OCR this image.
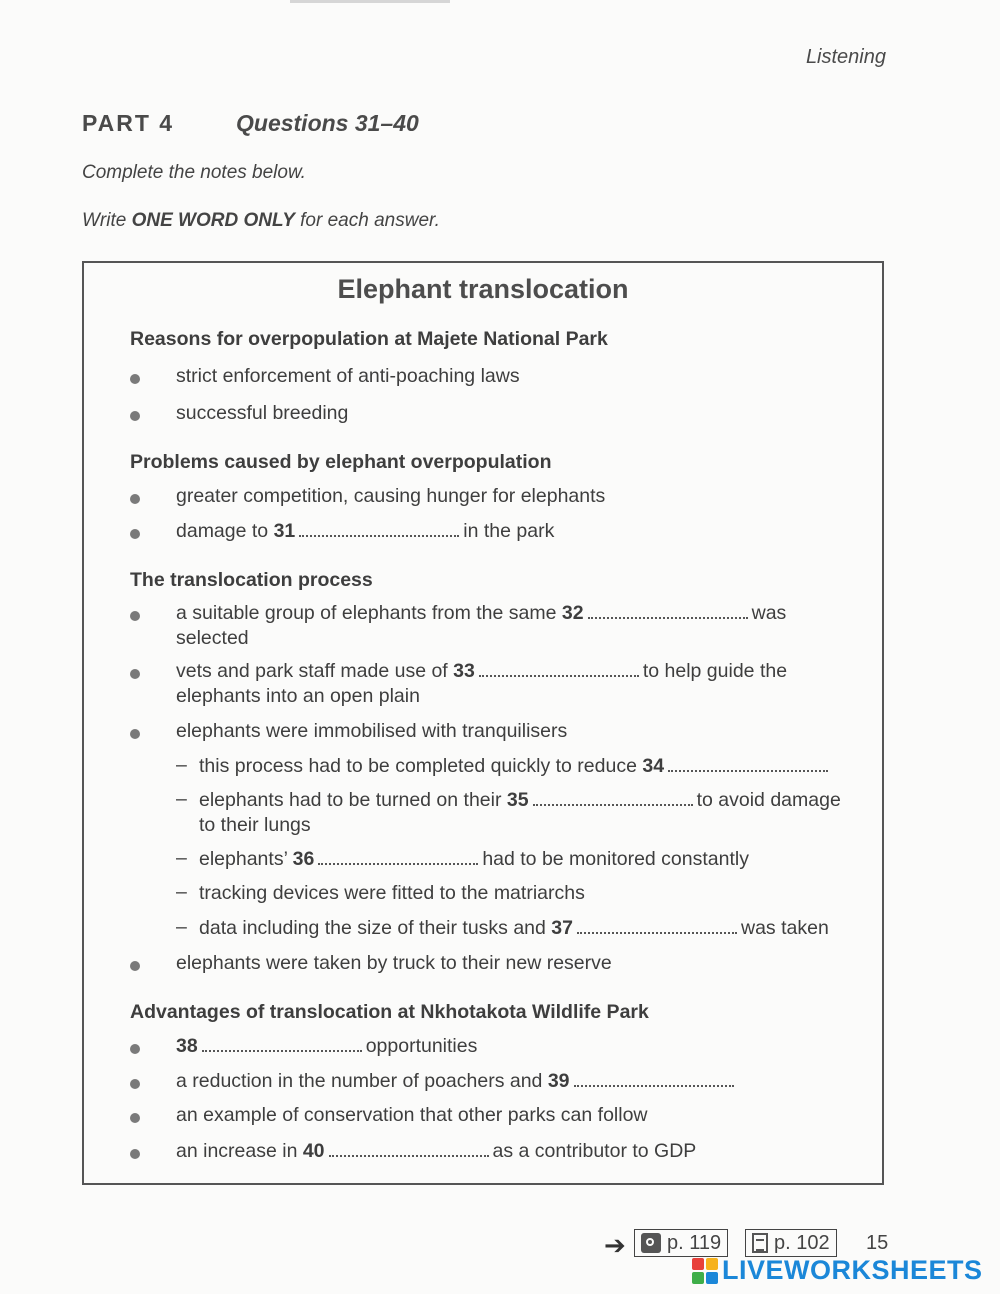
Listening
PART 4	Questions 31–40
Complete the notes below.
Write ONE WORD ONLY for each answer.
Elephant translocation
Reasons for overpopulation at Majete National Park
strict enforcement of anti-poaching laws
successful breeding
Problems caused by elephant overpopulation
greater competition, causing hunger for elephants
damage to 31	in the park
The translocation process
a suitable group of elephants from the same 32	was
selected
vets and park staff made use of 33	to help guide the
elephants into an open plain
elephants were immobilised with tranquilisers
– this process had to be completed quickly to reduce 34
– elephants had to be turned on their 35	to avoid damage
to their lungs
– elephants’ 36	had to be monitored constantly
– tracking devices were fitted to the matriarchs
– data including the size of their tusks and 37	was taken
elephants were taken by truck to their new reserve
Advantages of translocation at Nkhotakota Wildlife Park
38	opportunities
a reduction in the number of poachers and 39
an example of conservation that other parks can follow
an increase in 40	as a contributor to GDP
➔ p. 119	p. 102 15
LIVEWORKSHEETS
